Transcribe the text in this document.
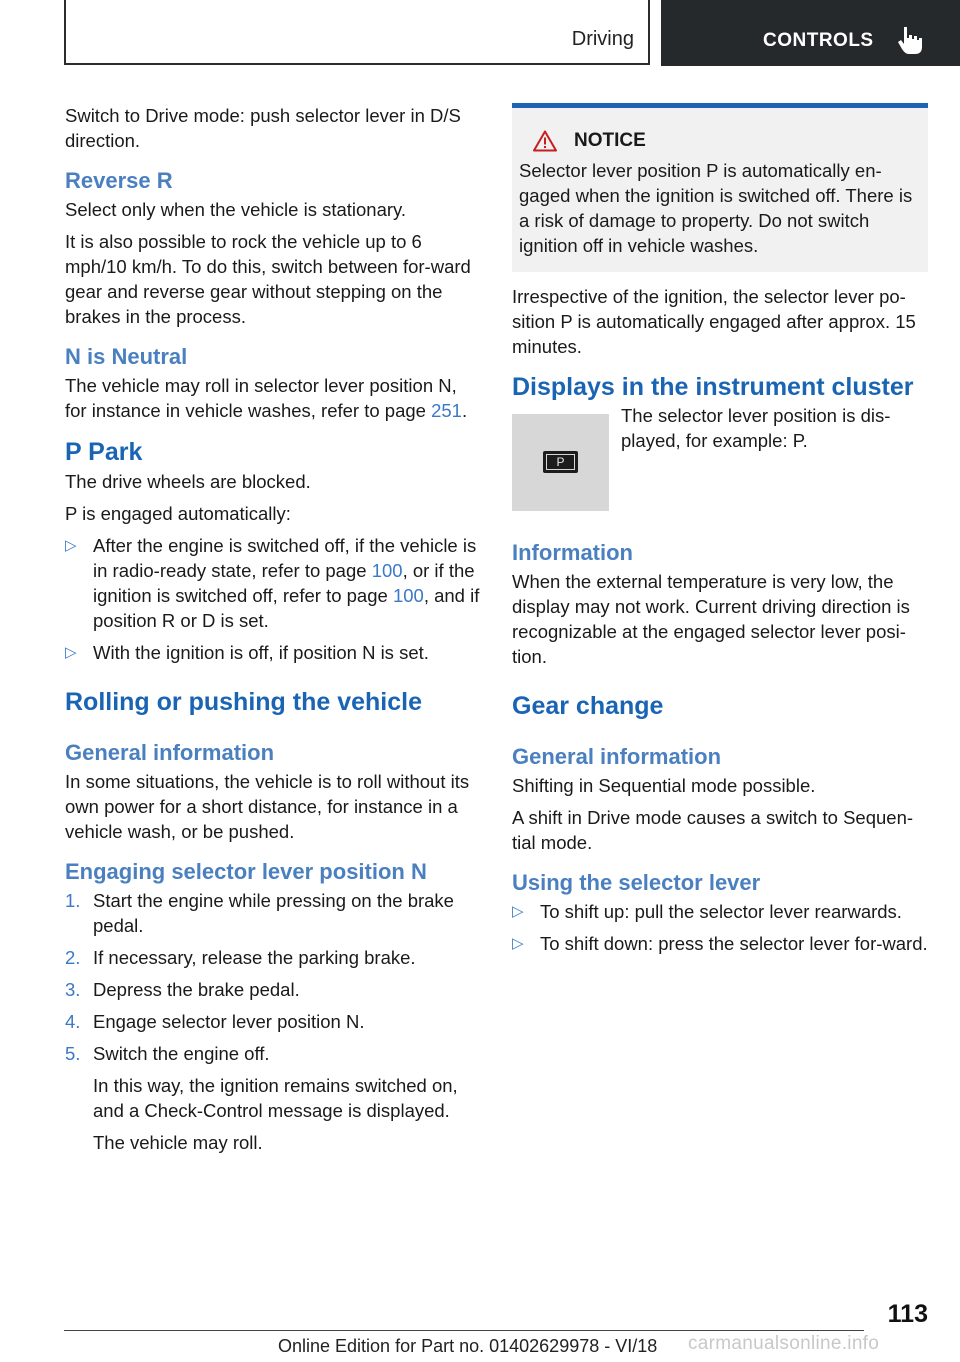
Driving	CONTROLS

Switch to Drive mode: push selector lever in D/S direction.

Reverse R

Select only when the vehicle is stationary.

It is also possible to rock the vehicle up to 6 mph/10 km/h. To do this, switch between for-ward gear and reverse gear without stepping on the brakes in the process.

N is Neutral

The vehicle may roll in selector lever position N, for instance in vehicle washes, refer to page 251.

P Park

The drive wheels are blocked.

P is engaged automatically:

▷ After the engine is switched off, if the vehicle is in radio-ready state, refer to page 100, or if the ignition is switched off, refer to page 100, and if position R or D is set.
▷ With the ignition is off, if position N is set.
Rolling or pushing the vehicle
General information

In some situations, the vehicle is to roll without its own power for a short distance, for instance in a vehicle wash, or be pushed.

Engaging selector lever position N
1. Start the engine while pressing on the brake pedal.
2. If necessary, release the parking brake.
3. Depress the brake pedal.
4. Engage selector lever position N.
5. Switch the engine off.

In this way, the ignition remains switched on, and a Check-Control message is displayed.

The vehicle may roll.

NOTICE

Selector lever position P is automatically en-gaged when the ignition is switched off. There is a risk of damage to property. Do not switch ignition off in vehicle washes.

Irrespective of the ignition, the selector lever po-sition P is automatically engaged after approx. 15 minutes.

Displays in the instrument cluster
P
The selector lever position is dis-played, for example: P.
Information

When the external temperature is very low, the display may not work. Current driving direction is recognizable at the engaged selector lever posi-tion.

Gear change
General information

Shifting in Sequential mode possible.

A shift in Drive mode causes a switch to Sequen-tial mode.

Using the selector lever
▷ To shift up: pull the selector lever rearwards.
▷ To shift down: press the selector lever for-ward.
113
Online Edition for Part no. 01402629978 - VI/18 carmanualsonline.info
